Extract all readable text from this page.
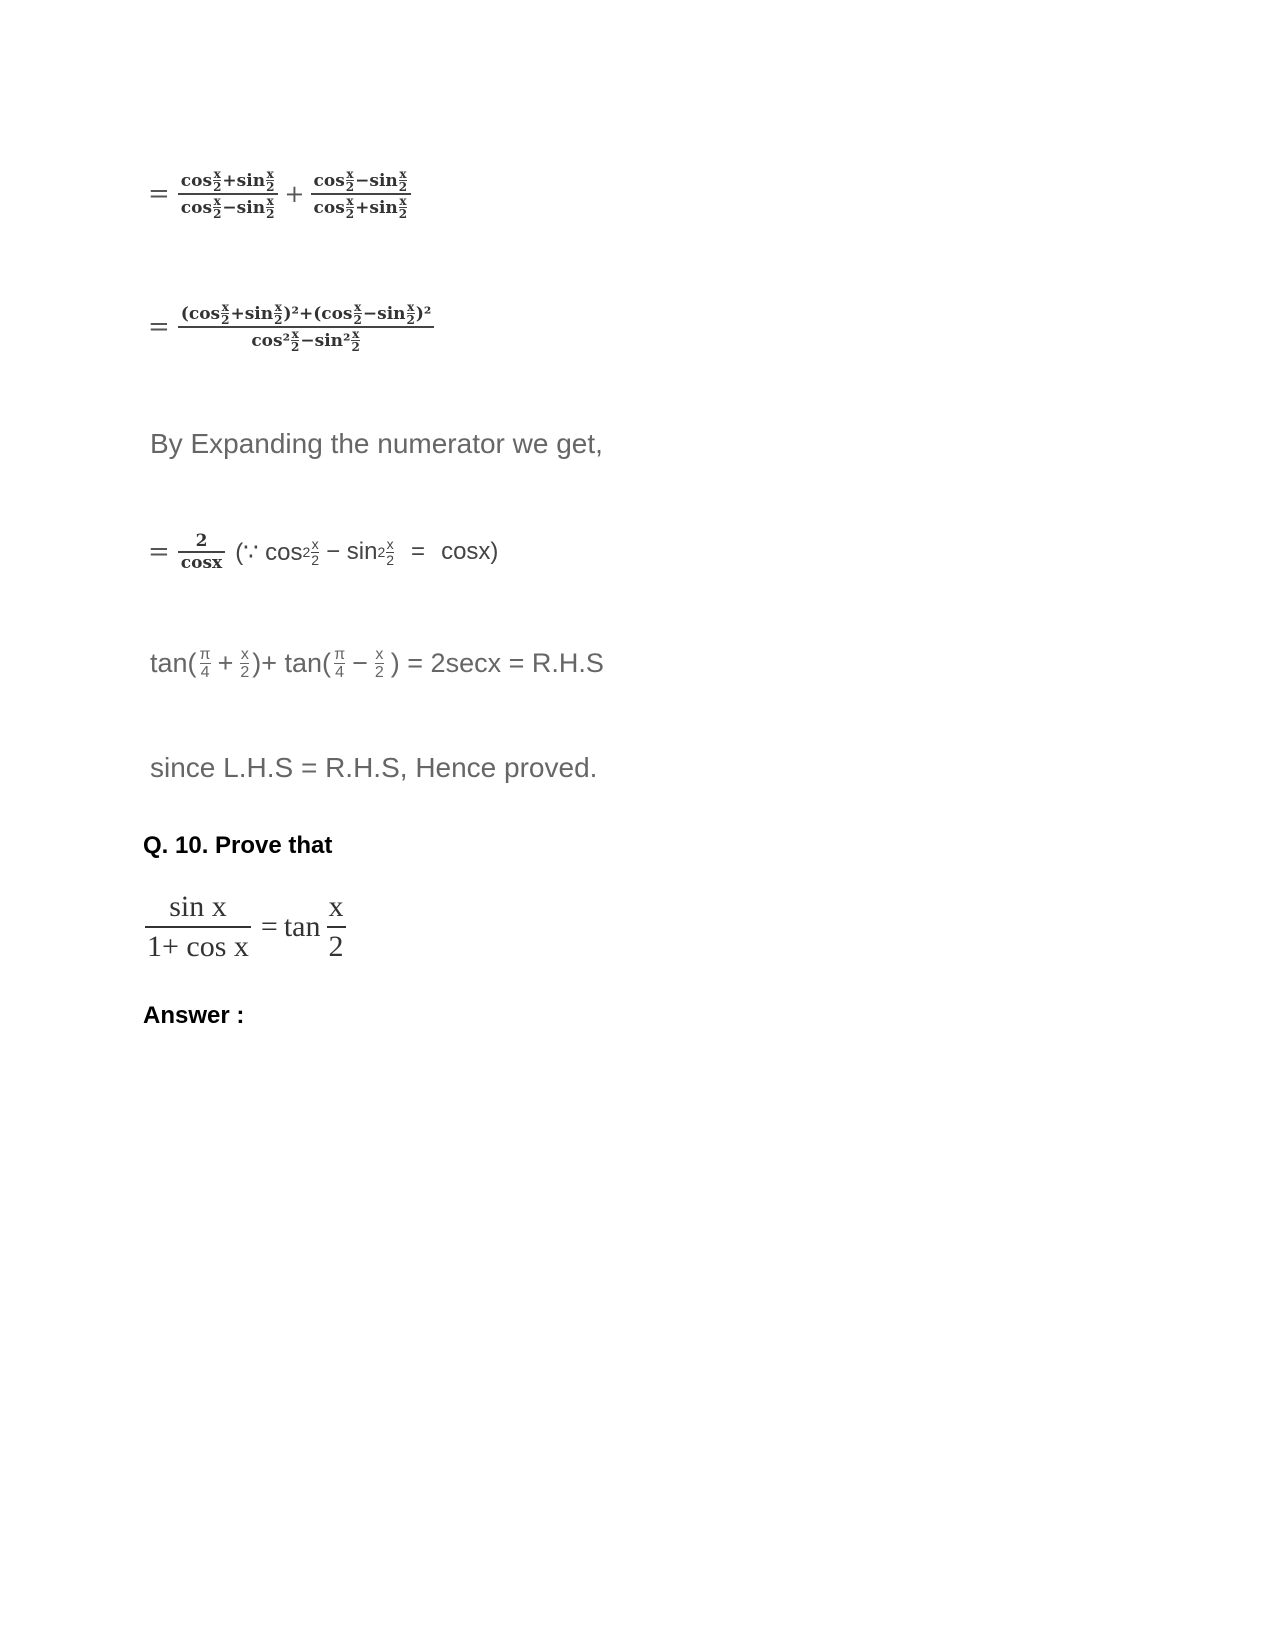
= cos x
2 +sin x
2
cos x
2 −sin x
2 + cos x
2 −sin x
2
cos x
2 +sin x
2
= (cos x
2 +sin x
2 )²+(cos x
2 −sin x
2 )²
cos² x
2 −sin² x
2
By Expanding the numerator we get,
= $\frac{2}{\cos x}$ (∵ cos 2
x
2 − sin 2
x
2 = cosx)
tan( π
4 + x
2 )+ tan( π
4 − x
2 ) = 2secx = R.H.S
since L.H.S = R.H.S, Hence proved.
Q. 10. Prove that
$\frac{\text{sin x}}{\text{1+ cos x}} = \tan \frac{x}{2}$
Answer :
